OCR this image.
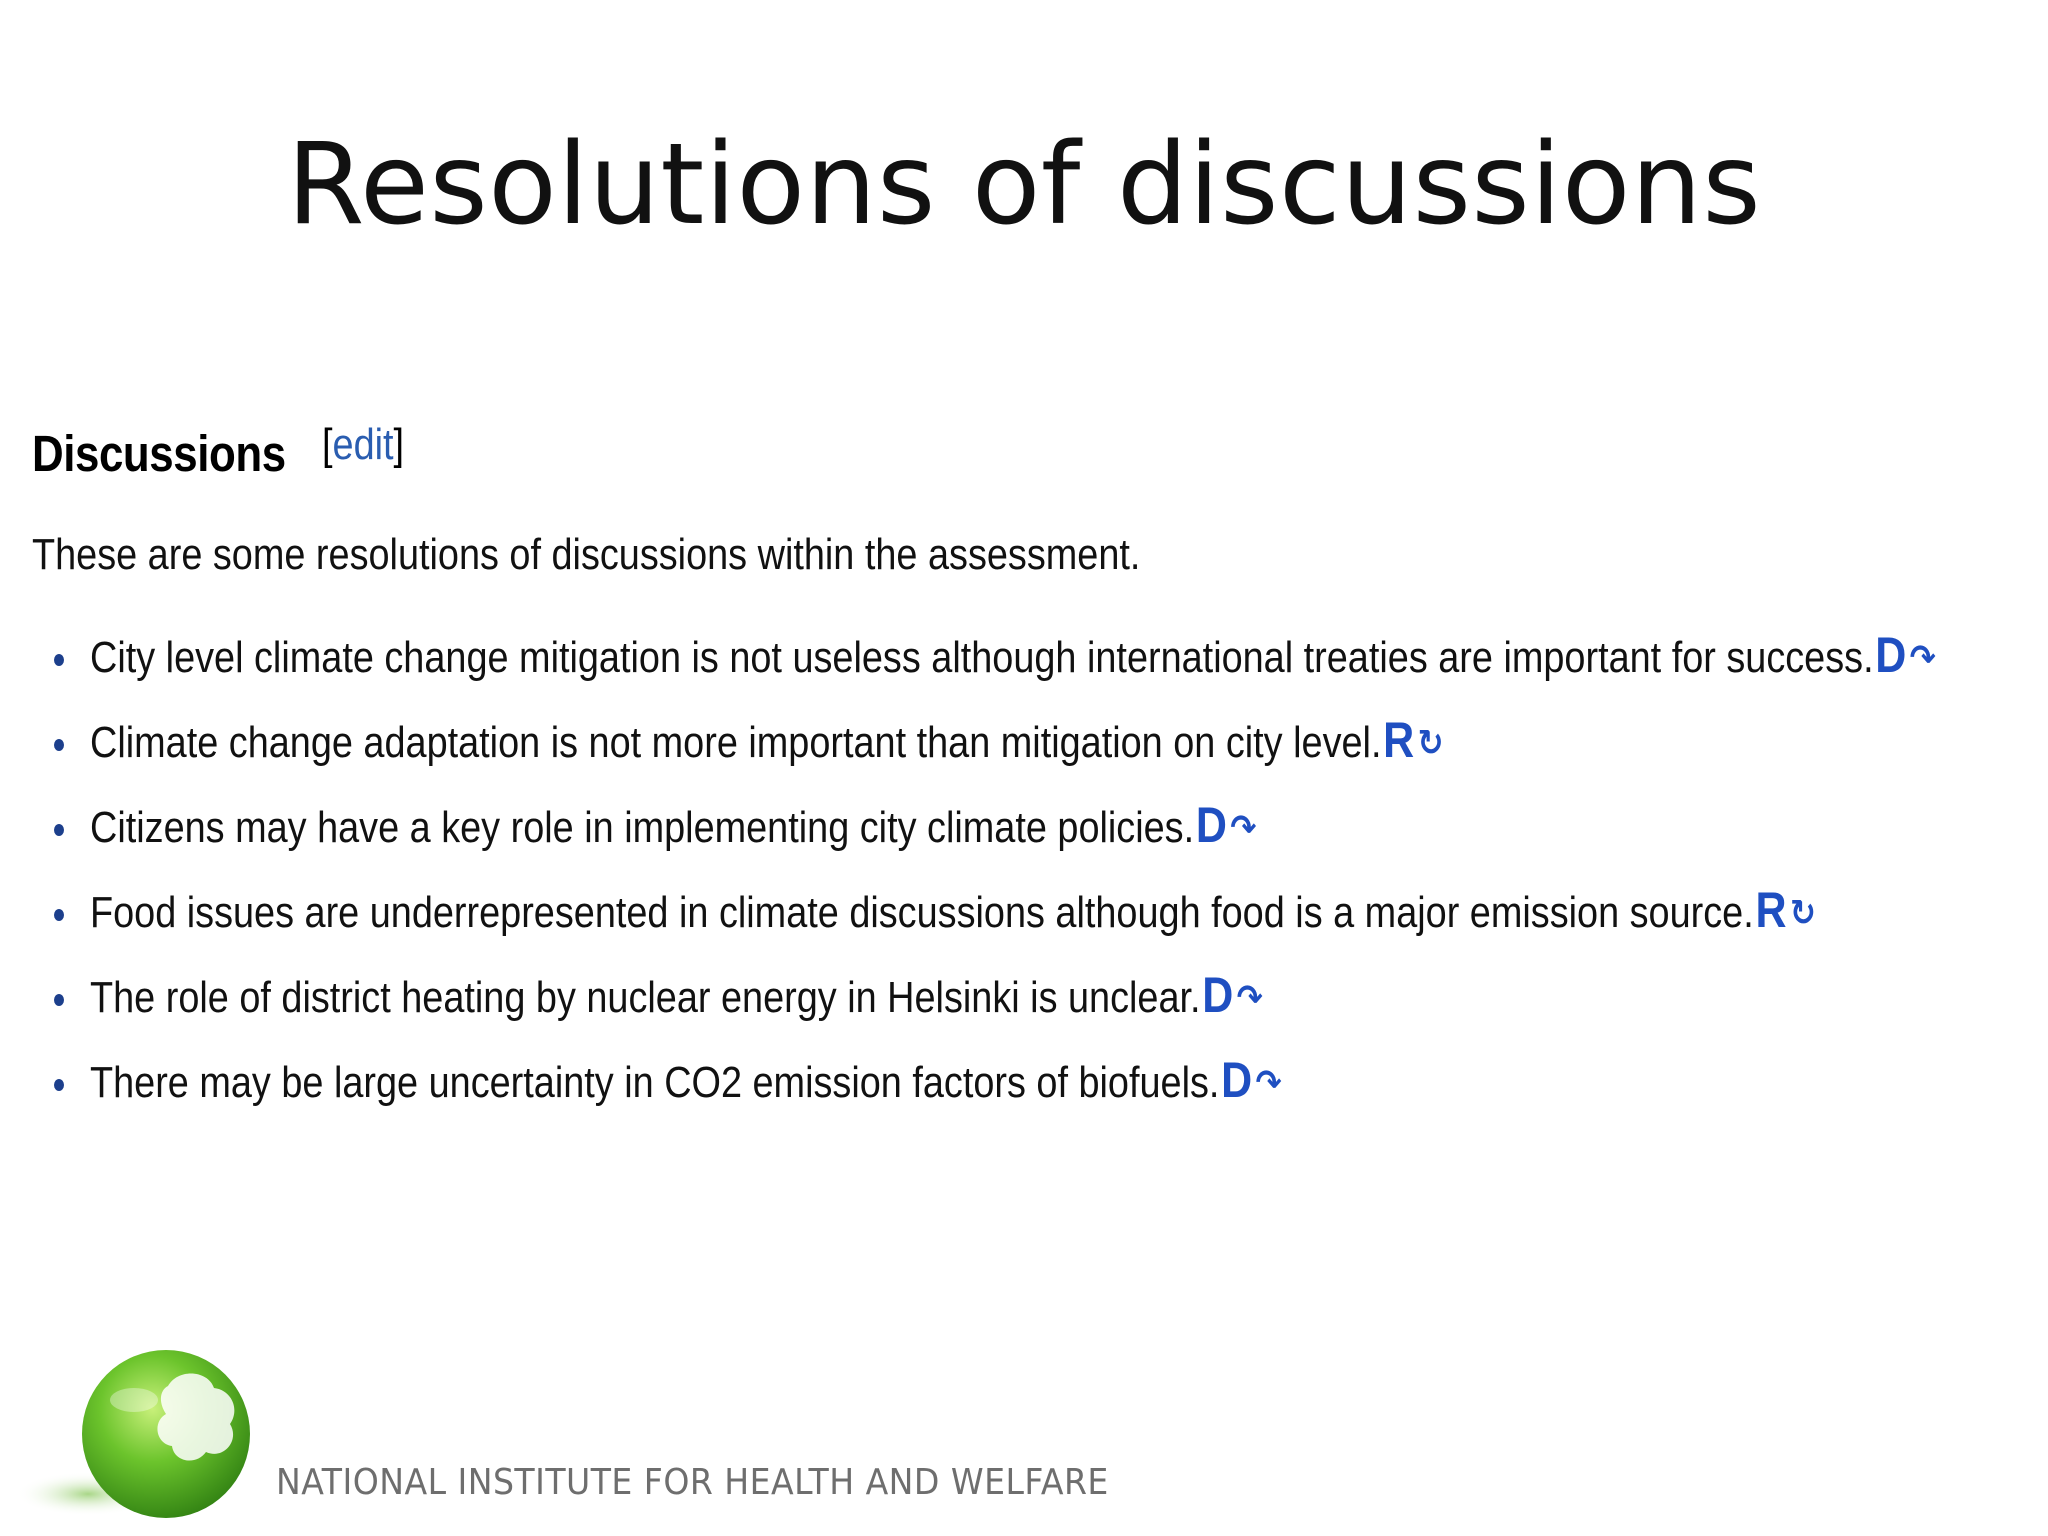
Resolutions of discussions
Discussions [edit]
These are some resolutions of discussions within the assessment.
City level climate change mitigation is not useless although international treaties are important for success.D↷
Climate change adaptation is not more important than mitigation on city level.R↻
Citizens may have a key role in implementing city climate policies.D↷
Food issues are underrepresented in climate discussions although food is a major emission source.R↻
The role of district heating by nuclear energy in Helsinki is unclear.D↷
There may be large uncertainty in CO2 emission factors of biofuels.D↷
NATIONAL INSTITUTE FOR HEALTH AND WELFARE
